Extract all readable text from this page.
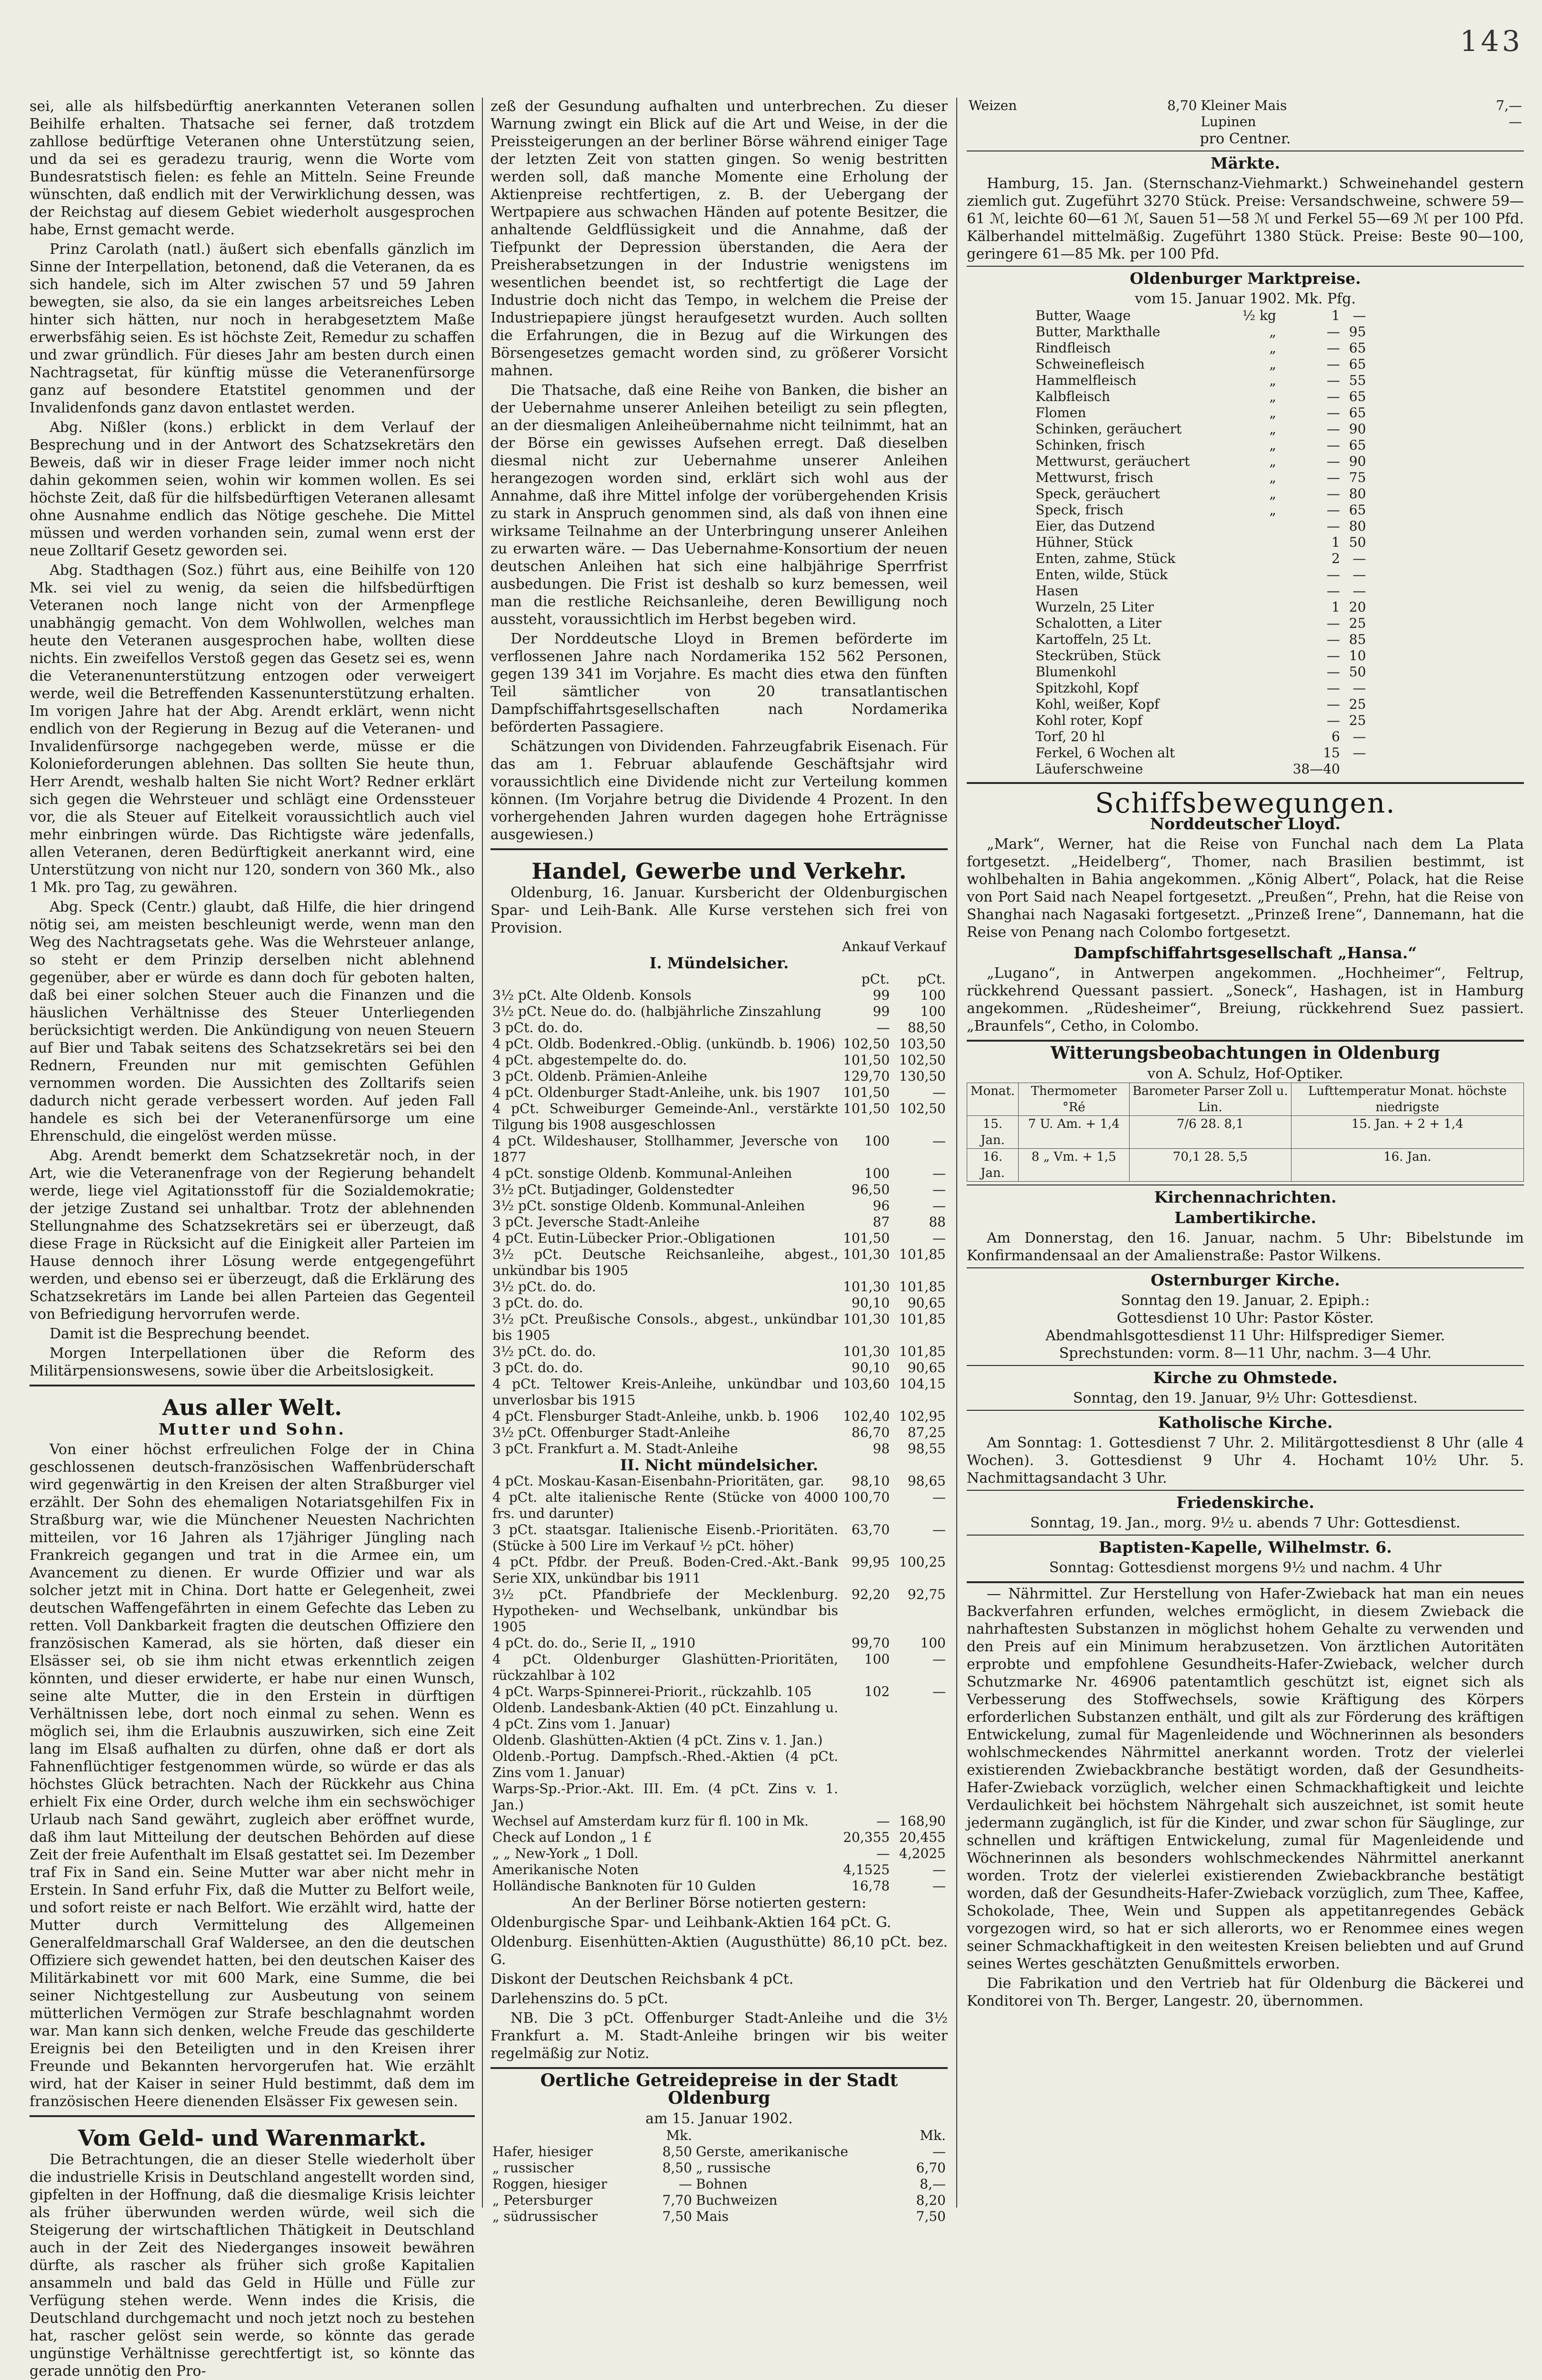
143

sei, alle als hilfsbedürftig anerkannten Veteranen sollen Beihilfe erhalten. Thatsache sei ferner, daß trotzdem zahllose bedürftige Veteranen ohne Unterstützung seien, und da sei es geradezu traurig, wenn die Worte vom Bundesratstisch fielen: es fehle an Mitteln. Seine Freunde wünschten, daß endlich mit der Verwirklichung dessen, was der Reichstag auf diesem Gebiet wiederholt ausgesprochen habe, Ernst gemacht werde.

Prinz Carolath (natl.) äußert sich ebenfalls gänzlich im Sinne der Interpellation, betonend, daß die Veteranen, da es sich handele, sich im Alter zwischen 57 und 59 Jahren bewegten, sie also, da sie ein langes arbeitsreiches Leben hinter sich hätten, nur noch in herabgesetztem Maße erwerbsfähig seien. Es ist höchste Zeit, Remedur zu schaffen und zwar gründlich. Für dieses Jahr am besten durch einen Nachtragsetat, für künftig müsse die Veteranenfürsorge ganz auf besondere Etatstitel genommen und der Invalidenfonds ganz davon entlastet werden.

Abg. Nißler (kons.) erblickt in dem Verlauf der Besprechung und in der Antwort des Schatzsekretärs den Beweis, daß wir in dieser Frage leider immer noch nicht dahin gekommen seien, wohin wir kommen wollen. Es sei höchste Zeit, daß für die hilfsbedürftigen Veteranen allesamt ohne Ausnahme endlich das Nötige geschehe. Die Mittel müssen und werden vorhanden sein, zumal wenn erst der neue Zolltarif Gesetz geworden sei.

Abg. Stadthagen (Soz.) führt aus, eine Beihilfe von 120 Mk. sei viel zu wenig, da seien die hilfsbedürftigen Veteranen noch lange nicht von der Armenpflege unabhängig gemacht. Von dem Wohlwollen, welches man heute den Veteranen ausgesprochen habe, wollten diese nichts. Ein zweifellos Verstoß gegen das Gesetz sei es, wenn die Veteranenunterstützung entzogen oder verweigert werde, weil die Betreffenden Kassenunterstützung erhalten. Im vorigen Jahre hat der Abg. Arendt erklärt, wenn nicht endlich von der Regierung in Bezug auf die Veteranen- und Invalidenfürsorge nachgegeben werde, müsse er die Kolonieforderungen ablehnen. Das sollten Sie heute thun, Herr Arendt, weshalb halten Sie nicht Wort? Redner erklärt sich gegen die Wehrsteuer und schlägt eine Ordenssteuer vor, die als Steuer auf Eitelkeit voraussichtlich auch viel mehr einbringen würde. Das Richtigste wäre jedenfalls, allen Veteranen, deren Bedürftigkeit anerkannt wird, eine Unterstützung von nicht nur 120, sondern von 360 Mk., also 1 Mk. pro Tag, zu gewähren.

Abg. Speck (Centr.) glaubt, daß Hilfe, die hier dringend nötig sei, am meisten beschleunigt werde, wenn man den Weg des Nachtragsetats gehe. Was die Wehrsteuer anlange, so steht er dem Prinzip derselben nicht ablehnend gegenüber, aber er würde es dann doch für geboten halten, daß bei einer solchen Steuer auch die Finanzen und die häuslichen Verhältnisse des Steuer Unterliegenden berücksichtigt werden. Die Ankündigung von neuen Steuern auf Bier und Tabak seitens des Schatzsekretärs sei bei den Rednern, Freunden nur mit gemischten Gefühlen vernommen worden. Die Aussichten des Zolltarifs seien dadurch nicht gerade verbessert worden. Auf jeden Fall handele es sich bei der Veteranenfürsorge um eine Ehrenschuld, die eingelöst werden müsse.

Abg. Arendt bemerkt dem Schatzsekretär noch, in der Art, wie die Veteranenfrage von der Regierung behandelt werde, liege viel Agitationsstoff für die Sozialdemokratie; der jetzige Zustand sei unhaltbar. Trotz der ablehnenden Stellungnahme des Schatzsekretärs sei er überzeugt, daß diese Frage in Rücksicht auf die Einigkeit aller Parteien im Hause dennoch ihrer Lösung werde entgegengeführt werden, und ebenso sei er überzeugt, daß die Erklärung des Schatzsekretärs im Lande bei allen Parteien das Gegenteil von Befriedigung hervorrufen werde.

Damit ist die Besprechung beendet.

Morgen Interpellationen über die Reform des Militärpensionswesens, sowie über die Arbeitslosigkeit.

Aus aller Welt.
Mutter und Sohn.

Von einer höchst erfreulichen Folge der in China geschlossenen deutsch-französischen Waffenbrüderschaft wird gegenwärtig in den Kreisen der alten Straßburger viel erzählt. Der Sohn des ehemaligen Notariatsgehilfen Fix in Straßburg war, wie die Münchener Neuesten Nachrichten mitteilen, vor 16 Jahren als 17jähriger Jüngling nach Frankreich gegangen und trat in die Armee ein, um Avancement zu dienen. Er wurde Offizier und war als solcher jetzt mit in China. Dort hatte er Gelegenheit, zwei deutschen Waffengefährten in einem Gefechte das Leben zu retten. Voll Dankbarkeit fragten die deutschen Offiziere den französischen Kamerad, als sie hörten, daß dieser ein Elsässer sei, ob sie ihm nicht etwas erkenntlich zeigen könnten, und dieser erwiderte, er habe nur einen Wunsch, seine alte Mutter, die in den Erstein in dürftigen Verhältnissen lebe, dort noch einmal zu sehen. Wenn es möglich sei, ihm die Erlaubnis auszuwirken, sich eine Zeit lang im Elsaß aufhalten zu dürfen, ohne daß er dort als Fahnenflüchtiger festgenommen würde, so würde er das als höchstes Glück betrachten. Nach der Rückkehr aus China erhielt Fix eine Order, durch welche ihm ein sechswöchiger Urlaub nach Sand gewährt, zugleich aber eröffnet wurde, daß ihm laut Mitteilung der deutschen Behörden auf diese Zeit der freie Aufenthalt im Elsaß gestattet sei. Im Dezember traf Fix in Sand ein. Seine Mutter war aber nicht mehr in Erstein. In Sand erfuhr Fix, daß die Mutter zu Belfort weile, und sofort reiste er nach Belfort. Wie erzählt wird, hatte der Mutter durch Vermittelung des Allgemeinen Generalfeldmarschall Graf Waldersee, an den die deutschen Offiziere sich gewendet hatten, bei den deutschen Kaiser des Militärkabinett vor mit 600 Mark, eine Summe, die bei seiner Nichtgestellung zur Ausbeutung von seinem mütterlichen Vermögen zur Strafe beschlagnahmt worden war. Man kann sich denken, welche Freude das geschilderte Ereignis bei den Beteiligten und in den Kreisen ihrer Freunde und Bekannten hervorgerufen hat. Wie erzählt wird, hat der Kaiser in seiner Huld bestimmt, daß dem im französischen Heere dienenden Elsässer Fix gewesen sein.

Vom Geld- und Warenmarkt.

Die Betrachtungen, die an dieser Stelle wiederholt über die industrielle Krisis in Deutschland angestellt worden sind, gipfelten in der Hoffnung, daß die diesmalige Krisis leichter als früher überwunden werden würde, weil sich die Steigerung der wirtschaftlichen Thätigkeit in Deutschland auch in der Zeit des Niederganges insoweit bewähren dürfte, als rascher als früher sich große Kapitalien ansammeln und bald das Geld in Hülle und Fülle zur Verfügung stehen werde. Wenn indes die Krisis, die Deutschland durchgemacht und noch jetzt noch zu bestehen hat, rascher gelöst sein werde, so könnte das gerade ungünstige Verhältnisse gerechtfertigt ist, so könnte das gerade unnötig den Pro-

zeß der Gesundung aufhalten und unterbrechen. Zu dieser Warnung zwingt ein Blick auf die Art und Weise, in der die Preissteigerungen an der berliner Börse während einiger Tage der letzten Zeit von statten gingen. So wenig bestritten werden soll, daß manche Momente eine Erholung der Aktienpreise rechtfertigen, z. B. der Uebergang der Wertpapiere aus schwachen Händen auf potente Besitzer, die anhaltende Geldflüssigkeit und die Annahme, daß der Tiefpunkt der Depression überstanden, die Aera der Preisherabsetzungen in der Industrie wenigstens im wesentlichen beendet ist, so rechtfertigt die Lage der Industrie doch nicht das Tempo, in welchem die Preise der Industriepapiere jüngst heraufgesetzt wurden. Auch sollten die Erfahrungen, die in Bezug auf die Wirkungen des Börsengesetzes gemacht worden sind, zu größerer Vorsicht mahnen.

Die Thatsache, daß eine Reihe von Banken, die bisher an der Uebernahme unserer Anleihen beteiligt zu sein pflegten, an der diesmaligen Anleiheübernahme nicht teilnimmt, hat an der Börse ein gewisses Aufsehen erregt. Daß dieselben diesmal nicht zur Uebernahme unserer Anleihen herangezogen worden sind, erklärt sich wohl aus der Annahme, daß ihre Mittel infolge der vorübergehenden Krisis zu stark in Anspruch genommen sind, als daß von ihnen eine wirksame Teilnahme an der Unterbringung unserer Anleihen zu erwarten wäre. — Das Uebernahme-Konsortium der neuen deutschen Anleihen hat sich eine halbjährige Sperrfrist ausbedungen. Die Frist ist deshalb so kurz bemessen, weil man die restliche Reichsanleihe, deren Bewilligung noch aussteht, voraussichtlich im Herbst begeben wird.

Der Norddeutsche Lloyd in Bremen beförderte im verflossenen Jahre nach Nordamerika 152 562 Personen, gegen 139 341 im Vorjahre. Es macht dies etwa den fünften Teil sämtlicher von 20 transatlantischen Dampfschiffahrtsgesellschaften nach Nordamerika beförderten Passagiere.

Schätzungen von Dividenden. Fahrzeugfabrik Eisenach. Für das am 1. Februar ablaufende Geschäftsjahr wird voraussichtlich eine Dividende nicht zur Verteilung kommen können. (Im Vorjahre betrug die Dividende 4 Prozent. In den vorhergehenden Jahren wurden dagegen hohe Erträgnisse ausgewiesen.)

Handel, Gewerbe und Verkehr.

Oldenburg, 16. Januar. Kursbericht der Oldenburgischen Spar- und Leih-Bank. Alle Kurse verstehen sich frei von Provision.

	Ankauf	Verkauf
I. Mündelsicher.		
	pCt.	pCt.
3½ pCt. Alte Oldenb. Konsols	99	100
3½ pCt. Neue do. do. (halbjährliche Zinszahlung	99	100
3 pCt. do. do.	—	88,50
4 pCt. Oldb. Bodenkred.-Oblig. (unkündb. b. 1906)	102,50	103,50
4 pCt. abgestempelte do. do.	101,50	102,50
3 pCt. Oldenb. Prämien-Anleihe	129,70	130,50
4 pCt. Oldenburger Stadt-Anleihe, unk. bis 1907	101,50	—
4 pCt. Schweiburger Gemeinde-Anl., verstärkte Tilgung bis 1908 ausgeschlossen	101,50	102,50
4 pCt. Wildeshauser, Stollhammer, Jeversche von 1877	100	—
4 pCt. sonstige Oldenb. Kommunal-Anleihen	100	—
3½ pCt. Butjadinger, Goldenstedter	96,50	—
3½ pCt. sonstige Oldenb. Kommunal-Anleihen	96	—
3 pCt. Jeversche Stadt-Anleihe	87	88
4 pCt. Eutin-Lübecker Prior.-Obligationen	101,50	—
3½ pCt. Deutsche Reichsanleihe, abgest., unkündbar bis 1905	101,30	101,85
3½ pCt. do. do.	101,30	101,85
3 pCt. do. do.	90,10	90,65
3½ pCt. Preußische Consols., abgest., unkündbar bis 1905	101,30	101,85
3½ pCt. do. do.	101,30	101,85
3 pCt. do. do.	90,10	90,65
4 pCt. Teltower Kreis-Anleihe, unkündbar und unverlosbar bis 1915	103,60	104,15
4 pCt. Flensburger Stadt-Anleihe, unkb. b. 1906	102,40	102,95
3½ pCt. Offenburger Stadt-Anleihe	86,70	87,25
3 pCt. Frankfurt a. M. Stadt-Anleihe	98	98,55
II. Nicht mündelsicher.		
4 pCt. Moskau-Kasan-Eisenbahn-Prioritäten, gar.	98,10	98,65
4 pCt. alte italienische Rente (Stücke von 4000 frs. und darunter)	100,70	—
3 pCt. staatsgar. Italienische Eisenb.-Prioritäten. (Stücke à 500 Lire im Verkauf ½ pCt. höher)	63,70	—
4 pCt. Pfdbr. der Preuß. Boden-Cred.-Akt.-Bank Serie XIX, unkündbar bis 1911	99,95	100,25
3½ pCt. Pfandbriefe der Mecklenburg. Hypotheken- und Wechselbank, unkündbar bis 1905	92,20	92,75
4 pCt. do. do., Serie II, „ 1910	99,70	100
4 pCt. Oldenburger Glashütten-Prioritäten, rückzahlbar à 102	100	—
4 pCt. Warps-Spinnerei-Priorit., rückzahlb. 105	102	—
Oldenb. Landesbank-Aktien (40 pCt. Einzahlung u. 4 pCt. Zins vom 1. Januar)		
Oldenb. Glashütten-Aktien (4 pCt. Zins v. 1. Jan.)		
Oldenb.-Portug. Dampfsch.-Rhed.-Aktien (4 pCt. Zins vom 1. Januar)		
Warps-Sp.-Prior.-Akt. III. Em. (4 pCt. Zins v. 1. Jan.)		
Wechsel auf Amsterdam kurz für fl. 100 in Mk.	—	168,90
Check auf London „ 1 £	20,355	20,455
„ „ New-York „ 1 Doll.	—	4,2025
Amerikanische Noten	4,1525	—
Holländische Banknoten für 10 Gulden	16,78	—

An der Berliner Börse notierten gestern:

Oldenburgische Spar- und Leihbank-Aktien 164 pCt. G.

Oldenburg. Eisenhütten-Aktien (Augusthütte) 86,10 pCt. bez. G.

Diskont der Deutschen Reichsbank 4 pCt.

Darlehenszins do. 5 pCt.

NB. Die 3 pCt. Offenburger Stadt-Anleihe und die 3½ Frankfurt a. M. Stadt-Anleihe bringen wir bis weiter regelmäßig zur Notiz.

Oertliche Getreidepreise in der Stadt Oldenburg
am 15. Januar 1902.
	Mk.		Mk.
Hafer, hiesiger	8,50	Gerste, amerikanische	—
„ russischer	8,50	„ russische	6,70
Roggen, hiesiger	—	Bohnen	8,—
„ Petersburger	7,70	Buchweizen	8,20
„ südrussischer	7,50	Mais	7,50
Weizen	8,70	Kleiner Mais	7,—
		Lupinen	—
pro Centner.
Märkte.

Hamburg, 15. Jan. (Sternschanz-Viehmarkt.) Schweinehandel gestern ziemlich gut. Zugeführt 3270 Stück. Preise: Versandschweine, schwere 59—61 ℳ, leichte 60—61 ℳ, Sauen 51—58 ℳ und Ferkel 55—69 ℳ per 100 Pfd. Kälberhandel mittelmäßig. Zugeführt 1380 Stück. Preise: Beste 90—100, geringere 61—85 Mk. per 100 Pfd.

Oldenburger Marktpreise.
vom 15. Januar 1902. Mk. Pfg.
Butter, Waage	½ kg	1	—
Butter, Markthalle	„	—	95
Rindfleisch	„	—	65
Schweinefleisch	„	—	65
Hammelfleisch	„	—	55
Kalbfleisch	„	—	65
Flomen	„	—	65
Schinken, geräuchert	„	—	90
Schinken, frisch	„	—	65
Mettwurst, geräuchert	„	—	90
Mettwurst, frisch	„	—	75
Speck, geräuchert	„	—	80
Speck, frisch	„	—	65
Eier, das Dutzend		—	80
Hühner, Stück		1	50
Enten, zahme, Stück		2	—
Enten, wilde, Stück		—	—
Hasen		—	—
Wurzeln, 25 Liter		1	20
Schalotten, a Liter		—	25
Kartoffeln, 25 Lt.		—	85
Steckrüben, Stück		—	10
Blumenkohl		—	50
Spitzkohl, Kopf		—	—
Kohl, weißer, Kopf		—	25
Kohl roter, Kopf		—	25
Torf, 20 hl		6	—
Ferkel, 6 Wochen alt		15	—
Läuferschweine		38—40	
Schiffsbewegungen.
Norddeutscher Lloyd.

„Mark“, Werner, hat die Reise von Funchal nach dem La Plata fortgesetzt. „Heidelberg“, Thomer, nach Brasilien bestimmt, ist wohlbehalten in Bahia angekommen. „König Albert“, Polack, hat die Reise von Port Said nach Neapel fortgesetzt. „Preußen“, Prehn, hat die Reise von Shanghai nach Nagasaki fortgesetzt. „Prinzeß Irene“, Dannemann, hat die Reise von Penang nach Colombo fortgesetzt.

Dampfschiffahrtsgesellschaft „Hansa.“

„Lugano“, in Antwerpen angekommen. „Hochheimer“, Feltrup, rückkehrend Quessant passiert. „Soneck“, Hashagen, ist in Hamburg angekommen. „Rüdesheimer“, Breiung, rückkehrend Suez passiert. „Braunfels“, Cetho, in Colombo.

Witterungsbeobachtungen in Oldenburg
von A. Schulz, Hof-Optiker.
Monat.	Thermometer °Ré	Barometer Parser Zoll u. Lin.	Lufttemperatur Monat. höchste niedrigste
15. Jan.	7 U. Am. + 1,4	7/6 28. 8,1	15. Jan. + 2 + 1,4
16. Jan.	8 „ Vm. + 1,5	70,1 28. 5,5	16. Jan.
Kirchennachrichten.
Lambertikirche.

Am Donnerstag, den 16. Januar, nachm. 5 Uhr: Bibelstunde im Konfirmandensaal an der Amalienstraße: Pastor Wilkens.

Osternburger Kirche.
Sonntag den 19. Januar, 2. Epiph.:
Gottesdienst 10 Uhr: Pastor Köster.
Abendmahlsgottesdienst 11 Uhr: Hilfsprediger Siemer.
Sprechstunden: vorm. 8—11 Uhr, nachm. 3—4 Uhr.
Kirche zu Ohmstede.
Sonntag, den 19. Januar, 9½ Uhr: Gottesdienst.
Katholische Kirche.

Am Sonntag: 1. Gottesdienst 7 Uhr. 2. Militärgottesdienst 8 Uhr (alle 4 Wochen). 3. Gottesdienst 9 Uhr 4. Hochamt 10½ Uhr. 5. Nachmittagsandacht 3 Uhr.

Friedenskirche.
Sonntag, 19. Jan., morg. 9½ u. abends 7 Uhr: Gottesdienst.
Baptisten-Kapelle, Wilhelmstr. 6.
Sonntag: Gottesdienst morgens 9½ und nachm. 4 Uhr

— Nährmittel. Zur Herstellung von Hafer-Zwieback hat man ein neues Backverfahren erfunden, welches ermöglicht, in diesem Zwieback die nahrhaftesten Substanzen in möglichst hohem Gehalte zu verwenden und den Preis auf ein Minimum herabzusetzen. Von ärztlichen Autoritäten erprobte und empfohlene Gesundheits-Hafer-Zwieback, welcher durch Schutzmarke Nr. 46906 patentamtlich geschützt ist, eignet sich als Verbesserung des Stoffwechsels, sowie Kräftigung des Körpers erforderlichen Substanzen enthält, und gilt als zur Förderung des kräftigen Entwickelung, zumal für Magenleidende und Wöchnerinnen als besonders wohlschmeckendes Nährmittel anerkannt worden. Trotz der vielerlei existierenden Zwiebackbranche bestätigt worden, daß der Gesundheits-Hafer-Zwieback vorzüglich, welcher einen Schmackhaftigkeit und leichte Verdaulichkeit bei höchstem Nährgehalt sich auszeichnet, ist somit heute jedermann zugänglich, ist für die Kinder, und zwar schon für Säuglinge, zur schnellen und kräftigen Entwickelung, zumal für Magenleidende und Wöchnerinnen als besonders wohlschmeckendes Nährmittel anerkannt worden. Trotz der vielerlei existierenden Zwiebackbranche bestätigt worden, daß der Gesundheits-Hafer-Zwieback vorzüglich, zum Thee, Kaffee, Schokolade, Thee, Wein und Suppen als appetitanregendes Gebäck vorgezogen wird, so hat er sich allerorts, wo er Renommee eines wegen seiner Schmackhaftigkeit in den weitesten Kreisen beliebten und auf Grund seines Wertes geschätzten Genußmittels erworben.

Die Fabrikation und den Vertrieb hat für Oldenburg die Bäckerei und Konditorei von Th. Berger, Langestr. 20, übernommen.
